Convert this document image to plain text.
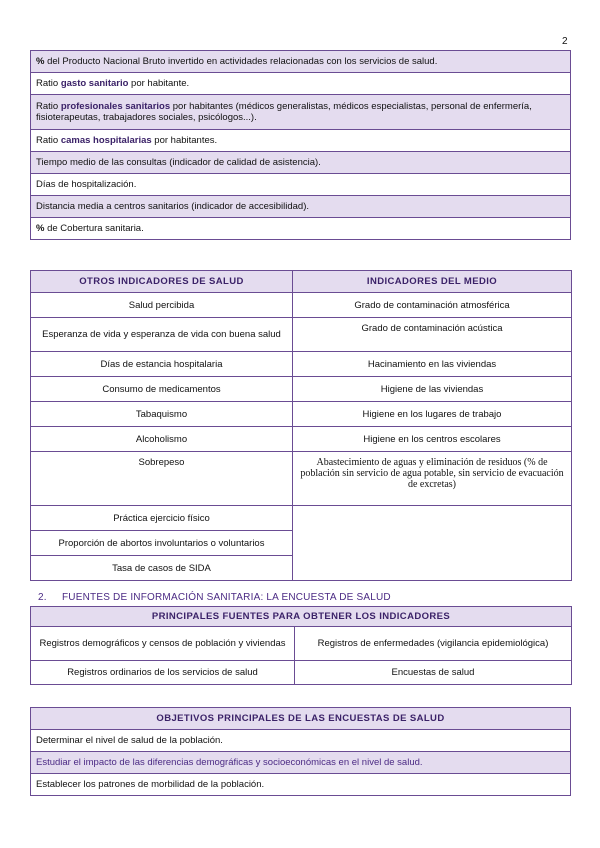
2
% del Producto Nacional Bruto invertido en actividades relacionadas con los servicios de salud.
Ratio gasto sanitario por habitante.
Ratio profesionales sanitarios por habitantes (médicos generalistas, médicos especialistas, personal de enfermería, fisioterapeutas, trabajadores sociales, psicólogos...).
Ratio camas hospitalarias por habitantes.
Tiempo medio de las consultas (indicador de calidad de asistencia).
Días de hospitalización.
Distancia media a centros sanitarios (indicador de accesibilidad).
% de Cobertura sanitaria.
OTROS INDICADORES DE SALUD	INDICADORES DEL MEDIO
Salud percibida	Grado de contaminación atmosférica
Esperanza de vida y esperanza de vida con buena salud	Grado de contaminación acústica
Días de estancia hospitalaria	Hacinamiento en las viviendas
Consumo de medicamentos	Higiene de las viviendas
Tabaquismo	Higiene en los lugares de trabajo
Alcoholismo	Higiene en los centros escolares
Sobrepeso	Abastecimiento de aguas y eliminación de residuos (% de población sin servicio de agua potable, sin servicio de evacuación de excretas)
Práctica ejercicio físico	
Proporción de abortos involuntarios o voluntarios	
Tasa de casos de SIDA	
2. FUENTES DE INFORMACIÓN SANITARIA: LA ENCUESTA DE SALUD
PRINCIPALES FUENTES PARA OBTENER LOS INDICADORES	
Registros demográficos y censos de población y viviendas	Registros de enfermedades (vigilancia epidemiológica)
Registros ordinarios de los servicios de salud	Encuestas de salud
OBJETIVOS PRINCIPALES DE LAS ENCUESTAS DE SALUD
Determinar el nivel de salud de la población.
Estudiar el impacto de las diferencias demográficas y socioeconómicas en el nivel de salud.
Establecer los patrones de morbilidad de la población.
